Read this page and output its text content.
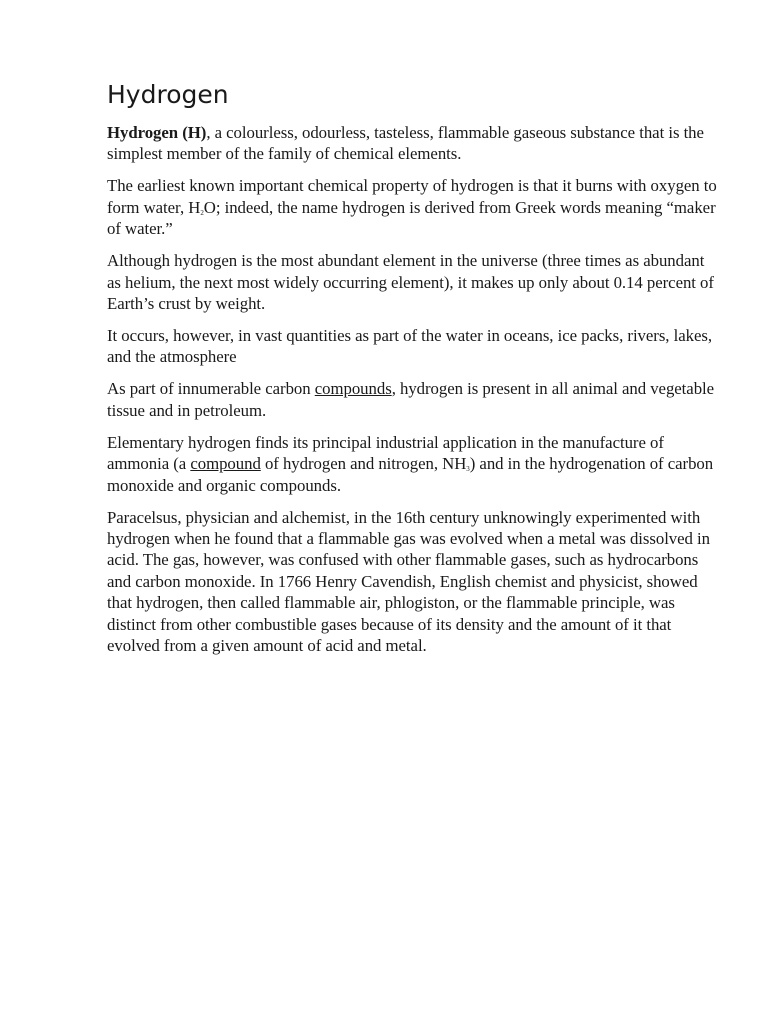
Hydrogen

Hydrogen (H), a colourless, odourless, tasteless, flammable gaseous substance that is the simplest member of the family of chemical elements.

The earliest known important chemical property of hydrogen is that it burns with oxygen to form water, $H_2O$; indeed, the name hydrogen is derived from Greek words meaning “maker of water.”

Although hydrogen is the most abundant element in the universe (three times as abundant as helium, the next most widely occurring element), it makes up only about 0.14 percent of Earth’s crust by weight.

It occurs, however, in vast quantities as part of the water in oceans, ice packs, rivers, lakes, and the atmosphere

As part of innumerable carbon compounds, hydrogen is present in all animal and vegetable tissue and in petroleum.

Elementary hydrogen finds its principal industrial application in the manufacture of ammonia (a compound of hydrogen and nitrogen, $NH_3$) and in the hydrogenation of carbon monoxide and organic compounds.

Paracelsus, physician and alchemist, in the 16th century unknowingly experimented with hydrogen when he found that a flammable gas was evolved when a metal was dissolved in acid. The gas, however, was confused with other flammable gases, such as hydrocarbons and carbon monoxide. In 1766 Henry Cavendish, English chemist and physicist, showed that hydrogen, then called flammable air, phlogiston, or the flammable principle, was distinct from other combustible gases because of its density and the amount of it that evolved from a given amount of acid and metal.
